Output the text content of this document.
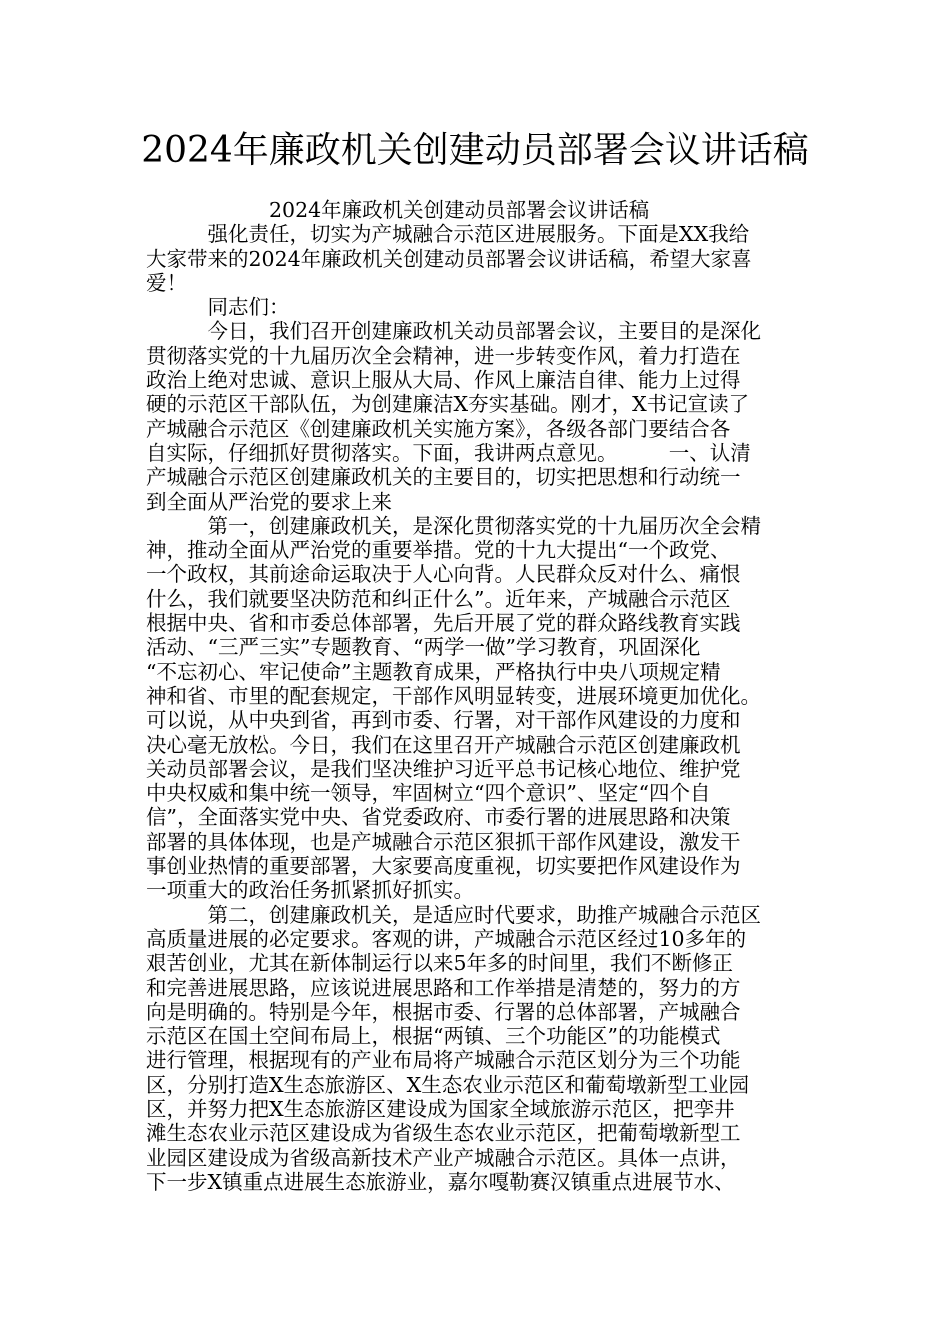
2024年廉政机关创建动员部署会议讲话稿
　　　　　　2024年廉政机关创建动员部署会议讲话稿
　　　强化责任，切实为产城融合示范区进展服务。下面是XX我给
大家带来的2024年廉政机关创建动员部署会议讲话稿，希望大家喜
爱！
　　　同志们：
　　　今日，我们召开创建廉政机关动员部署会议，主要目的是深化
贯彻落实党的十九届历次全会精神，进一步转变作风，着力打造在
政治上绝对忠诚、意识上服从大局、作风上廉洁自律、能力上过得
硬的示范区干部队伍，为创建廉洁X夯实基础。刚才，X书记宣读了
产城融合示范区《创建廉政机关实施方案》，各级各部门要结合各
自实际，仔细抓好贯彻落实。下面，我讲两点意见。　　　一、认清
产城融合示范区创建廉政机关的主要目的，切实把思想和行动统一
到全面从严治党的要求上来
　　　第一，创建廉政机关，是深化贯彻落实党的十九届历次全会精
神，推动全面从严治党的重要举措。党的十九大提出“一个政党、
一个政权，其前途命运取决于人心向背。人民群众反对什么、痛恨
什么，我们就要坚决防范和纠正什么”。近年来，产城融合示范区
根据中央、省和市委总体部署，先后开展了党的群众路线教育实践
活动、“三严三实”专题教育、“两学一做”学习教育，巩固深化
“不忘初心、牢记使命”主题教育成果，严格执行中央八项规定精
神和省、市里的配套规定，干部作风明显转变，进展环境更加优化。
可以说，从中央到省，再到市委、行署，对干部作风建设的力度和
决心毫无放松。今日，我们在这里召开产城融合示范区创建廉政机
关动员部署会议，是我们坚决维护习近平总书记核心地位、维护党
中央权威和集中统一领导，牢固树立“四个意识”、坚定“四个自
信”，全面落实党中央、省党委政府、市委行署的进展思路和决策
部署的具体体现，也是产城融合示范区狠抓干部作风建设，激发干
事创业热情的重要部署，大家要高度重视，切实要把作风建设作为
一项重大的政治任务抓紧抓好抓实。
　　　第二，创建廉政机关，是适应时代要求，助推产城融合示范区
高质量进展的必定要求。客观的讲，产城融合示范区经过10多年的
艰苦创业，尤其在新体制运行以来5年多的时间里，我们不断修正
和完善进展思路，应该说进展思路和工作举措是清楚的，努力的方
向是明确的。特别是今年，根据市委、行署的总体部署，产城融合
示范区在国土空间布局上，根据“两镇、三个功能区”的功能模式
进行管理，根据现有的产业布局将产城融合示范区划分为三个功能
区，分别打造X生态旅游区、X生态农业示范区和葡萄墩新型工业园
区，并努力把X生态旅游区建设成为国家全域旅游示范区，把孪井
滩生态农业示范区建设成为省级生态农业示范区，把葡萄墩新型工
业园区建设成为省级高新技术产业产城融合示范区。具体一点讲，
下一步X镇重点进展生态旅游业，嘉尔嘎勒赛汉镇重点进展节水、
